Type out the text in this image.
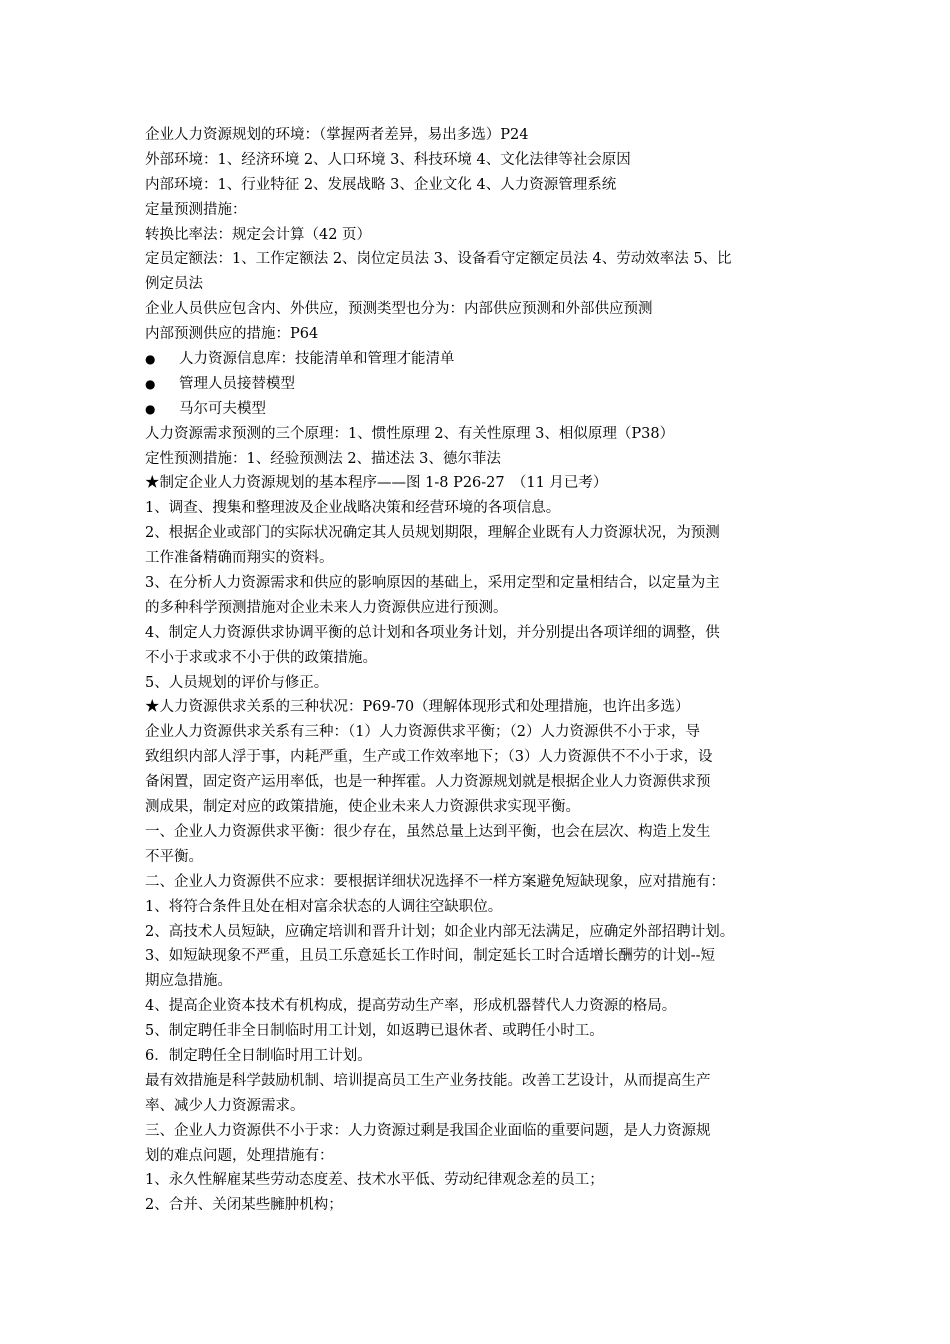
企业人力资源规划的环境：（掌握两者差异，易出多选）P24
外部环境：1、经济环境 2、人口环境 3、科技环境 4、文化法律等社会原因
内部环境：1、行业特征 2、发展战略 3、企业文化 4、人力资源管理系统
定量预测措施：
转换比率法：规定会计算（42 页）
定员定额法：1、工作定额法 2、岗位定员法 3、设备看守定额定员法 4、劳动效率法 5、比
例定员法
企业人员供应包含内、外供应，预测类型也分为：内部供应预测和外部供应预测
内部预测供应的措施：P64
●	人力资源信息库：技能清单和管理才能清单
●	管理人员接替模型
●	马尔可夫模型
人力资源需求预测的三个原理：1、惯性原理 2、有关性原理 3、相似原理（P38）
定性预测措施：1、经验预测法 2、描述法 3、德尔菲法
★制定企业人力资源规划的基本程序——图 1-8 P26-27　（11 月已考）
1、调查、搜集和整理波及企业战略决策和经营环境的各项信息。
2、根据企业或部门的实际状况确定其人员规划期限，理解企业既有人力资源状况，为预测
工作准备精确而翔实的资料。
3、在分析人力资源需求和供应的影响原因的基础上，采用定型和定量相结合，以定量为主
的多种科学预测措施对企业未来人力资源供应进行预测。
4、制定人力资源供求协调平衡的总计划和各项业务计划，并分别提出各项详细的调整，供
不小于求或求不小于供的政策措施。
5、人员规划的评价与修正。
★人力资源供求关系的三种状况：P69-70（理解体现形式和处理措施，也许出多选）
企业人力资源供求关系有三种：（1）人力资源供求平衡；（2）人力资源供不小于求，导
致组织内部人浮于事，内耗严重，生产或工作效率地下；（3）人力资源供不不小于求，设
备闲置，固定资产运用率低，也是一种挥霍。人力资源规划就是根据企业人力资源供求预
测成果，制定对应的政策措施，使企业未来人力资源供求实现平衡。
一、企业人力资源供求平衡：很少存在，虽然总量上达到平衡，也会在层次、构造上发生
不平衡。
二、企业人力资源供不应求：要根据详细状况选择不一样方案避免短缺现象，应对措施有：
1、将符合条件且处在相对富余状态的人调往空缺职位。
2、高技术人员短缺，应确定培训和晋升计划；如企业内部无法满足，应确定外部招聘计划。
3、如短缺现象不严重，且员工乐意延长工作时间，制定延长工时合适增长酬劳的计划--短
期应急措施。
4、提高企业资本技术有机构成，提高劳动生产率，形成机器替代人力资源的格局。
5、制定聘任非全日制临时用工计划，如返聘已退休者、或聘任小时工。
6．制定聘任全日制临时用工计划。
最有效措施是科学鼓励机制、培训提高员工生产业务技能。改善工艺设计，从而提高生产
率、减少人力资源需求。
三、企业人力资源供不小于求：人力资源过剩是我国企业面临的重要问题，是人力资源规
划的难点问题，处理措施有：
1、永久性解雇某些劳动态度差、技术水平低、劳动纪律观念差的员工；
2、合并、关闭某些臃肿机构；
